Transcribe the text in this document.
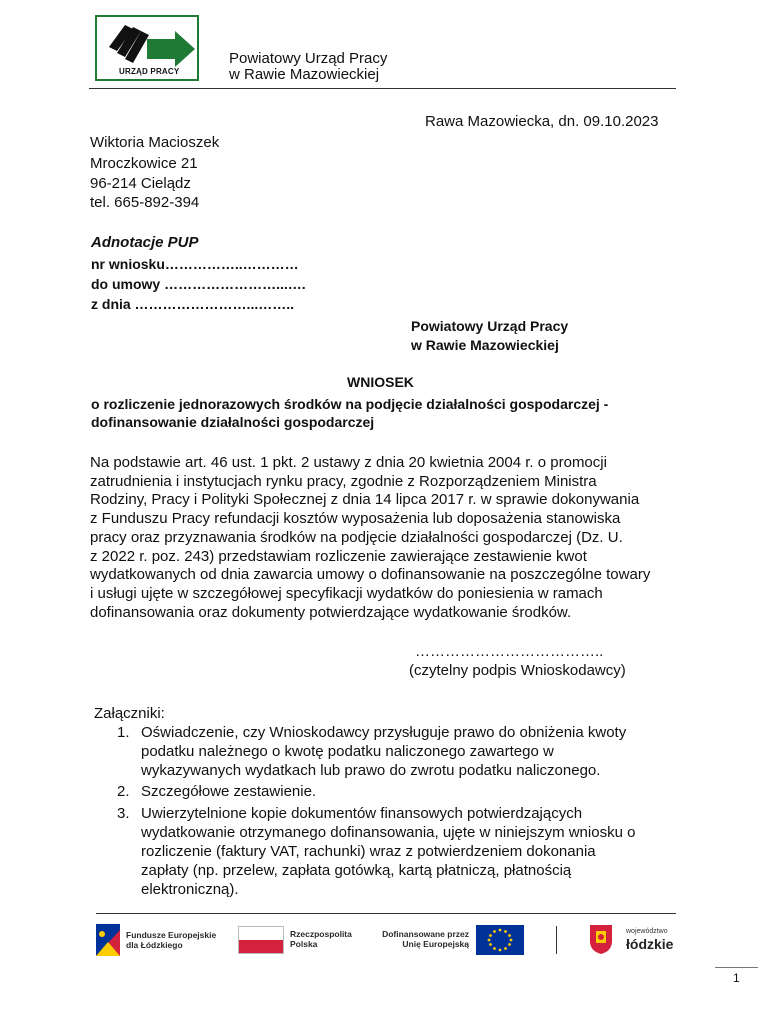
URZĄD PRACY
Powiatowy Urząd Pracy
w Rawie Mazowieckiej
Rawa Mazowiecka, dn. 09.10.2023
Wiktoria Macioszek
Mroczkowice 21
96-214 Cielądz
tel. 665-892-394
Adnotacje PUP
nr wniosku……………..…………
do umowy ……………………...….
z dnia ……………………...……..
Powiatowy Urząd Pracy
w Rawie Mazowieckiej
WNIOSEK
o rozliczenie jednorazowych środków na podjęcie działalności gospodarczej -
dofinansowanie działalności gospodarczej
Na podstawie art. 46 ust. 1 pkt. 2 ustawy z dnia 20 kwietnia 2004 r. o promocji
zatrudnienia i instytucjach rynku pracy, zgodnie z Rozporządzeniem Ministra
Rodziny, Pracy i Polityki Społecznej z dnia 14 lipca 2017 r. w sprawie dokonywania
z Funduszu Pracy refundacji kosztów wyposażenia lub doposażenia stanowiska
pracy oraz przyznawania środków na podjęcie działalności gospodarczej (Dz. U.
z 2022 r. poz. 243) przedstawiam rozliczenie zawierające zestawienie kwot
wydatkowanych od dnia zawarcia umowy o dofinansowanie na poszczególne towary
i usługi ujęte w szczegółowej specyfikacji wydatków do poniesienia w ramach
dofinansowania oraz dokumenty potwierdzające wydatkowanie środków.
………………………………..
(czytelny podpis Wnioskodawcy)
Załączniki:
1. Oświadczenie, czy Wnioskodawcy przysługuje prawo do obniżenia kwoty
podatku należnego o kwotę podatku naliczonego zawartego w
wykazywanych wydatkach lub prawo do zwrotu podatku naliczonego.
2. Szczegółowe zestawienie.
3. Uwierzytelnione kopie dokumentów finansowych potwierdzających
wydatkowanie otrzymanego dofinansowania, ujęte w niniejszym wniosku o
rozliczenie (faktury VAT, rachunki) wraz z potwierdzeniem dokonania
zapłaty (np. przelew, zapłata gotówką, kartą płatniczą, płatnością
elektroniczną).
Fundusze Europejskie
dla Łódzkiego
Rzeczpospolita
Polska
Dofinansowane przez
Unię Europejską
województwo
łódzkie
1
